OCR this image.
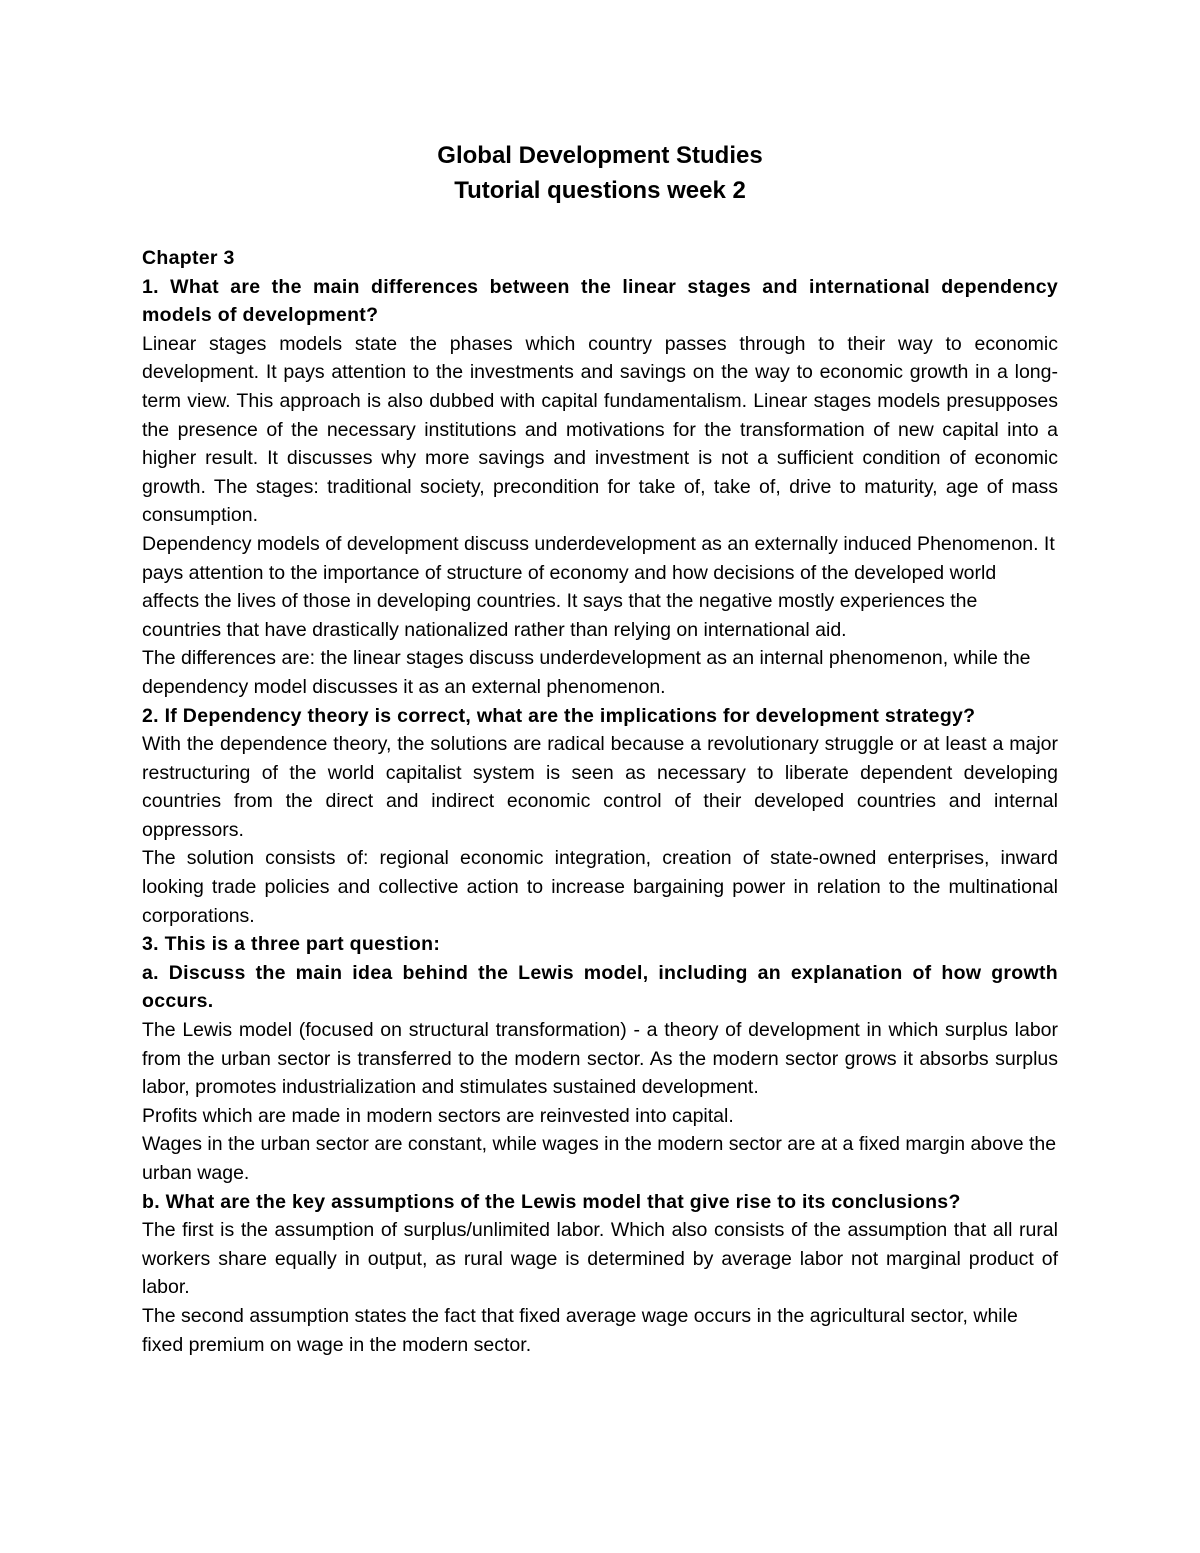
Global Development Studies

Tutorial questions week 2

Chapter 3

1. What are the main differences between the linear stages and international dependency models of development?

Linear stages models state the phases which country passes through to their way to economic development. It pays attention to the investments and savings on the way to economic growth in a long-term view. This approach is also dubbed with capital fundamentalism. Linear stages models presupposes the presence of the necessary institutions and motivations for the transformation of new capital into a higher result. It discusses why more savings and investment is not a sufficient condition of economic growth. The stages: traditional society, precondition for take of, take of, drive to maturity, age of mass consumption.

Dependency models of development discuss underdevelopment as an externally induced Phenomenon. It pays attention to the importance of structure of economy and how decisions of the developed world affects the lives of those in developing countries. It says that the negative mostly experiences the countries that have drastically nationalized rather than relying on international aid.

The differences are: the linear stages discuss underdevelopment as an internal phenomenon, while the dependency model discusses it as an external phenomenon.

2. If Dependency theory is correct, what are the implications for development strategy?

With the dependence theory, the solutions are radical because a revolutionary struggle or at least a major restructuring of the world capitalist system is seen as necessary to liberate dependent developing countries from the direct and indirect economic control of their developed countries and internal oppressors.

The solution consists of: regional economic integration, creation of state-owned enterprises, inward looking trade policies and collective action to increase bargaining power in relation to the multinational corporations.

3. This is a three part question:

a. Discuss the main idea behind the Lewis model, including an explanation of how growth occurs.

The Lewis model (focused on structural transformation) - a theory of development in which surplus labor from the urban sector is transferred to the modern sector. As the modern sector grows it absorbs surplus labor, promotes industrialization and stimulates sustained development.

Profits which are made in modern sectors are reinvested into capital.

Wages in the urban sector are constant, while wages in the modern sector are at a fixed margin above the urban wage.

b. What are the key assumptions of the Lewis model that give rise to its conclusions?

The first is the assumption of surplus/unlimited labor. Which also consists of the assumption that all rural workers share equally in output, as rural wage is determined by average labor not marginal product of labor.

The second assumption states the fact that fixed average wage occurs in the agricultural sector, while fixed premium on wage in the modern sector.
